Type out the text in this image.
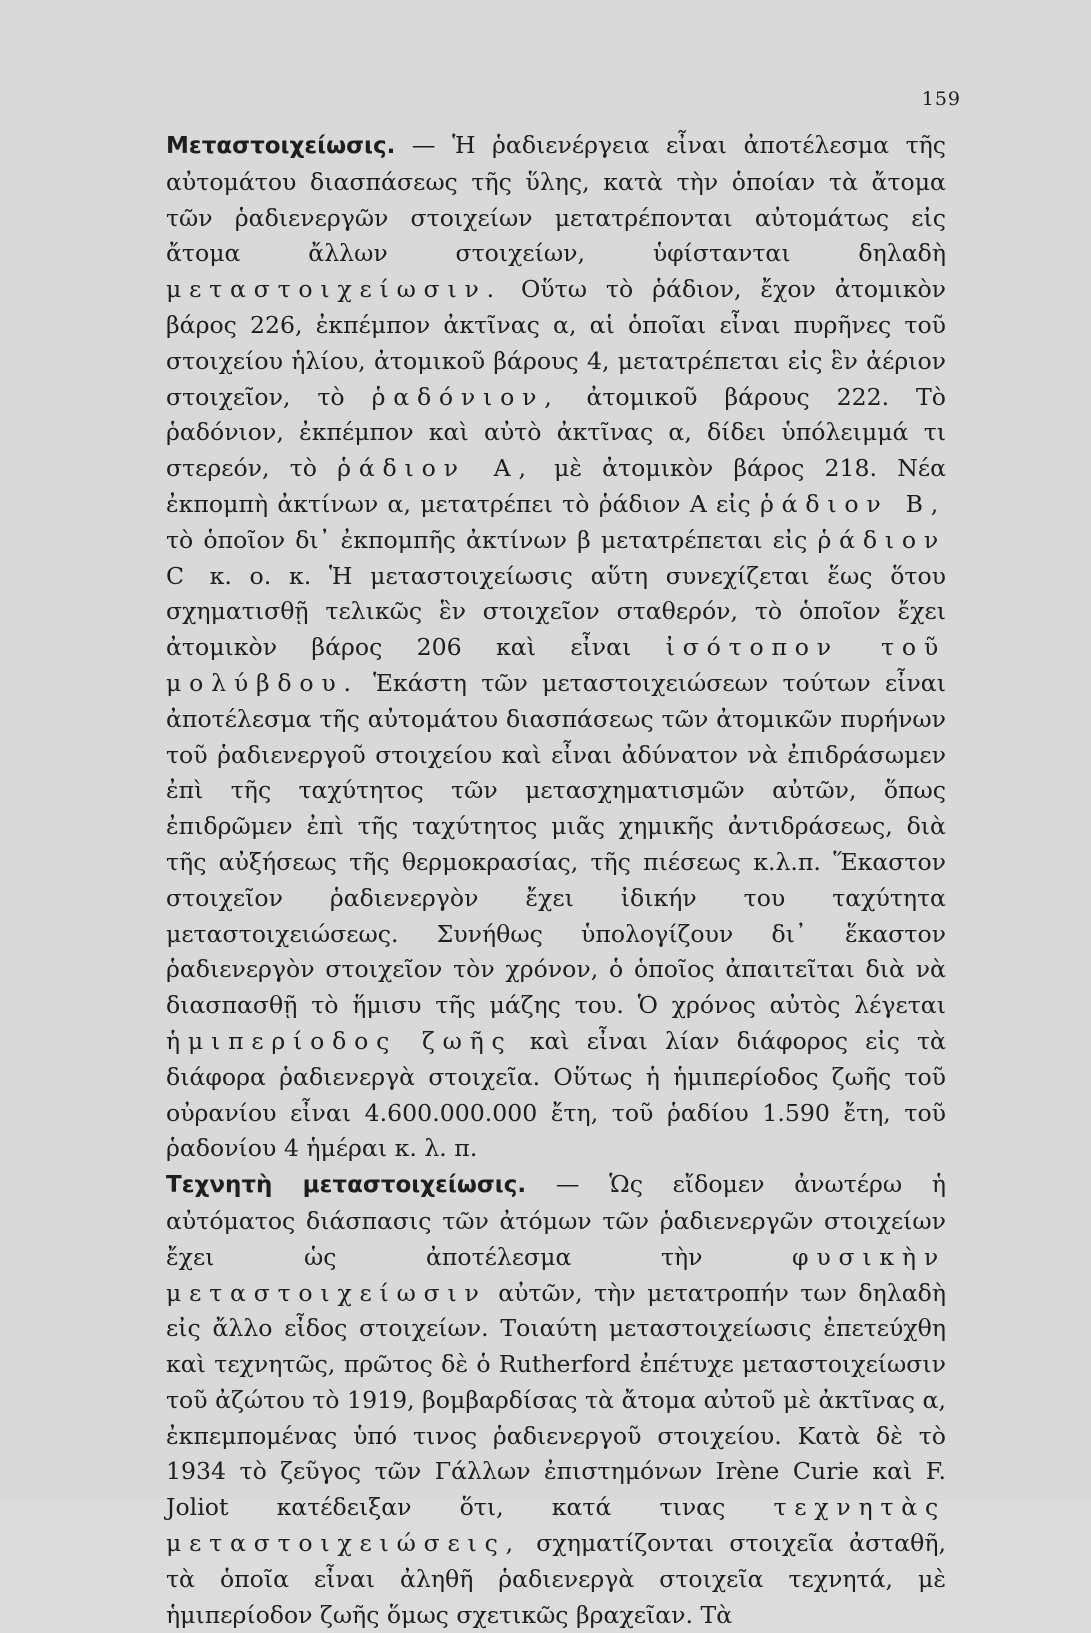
159

Μεταστοιχείωσις. — Ἡ ῥαδιενέργεια εἶναι ἀποτέλεσμα τῆς αὐτομάτου διασπάσεως τῆς ὕλης, κατὰ τὴν ὁποίαν τὰ ἄτομα τῶν ῥαδιενεργῶν στοιχείων μετατρέπονται αὐτομάτως εἰς ἄτομα ἄλλων στοιχείων, ὑφίστανται δηλαδὴ μεταστοιχείωσιν. Οὕτω τὸ ῥάδιον, ἔχον ἀτομικὸν βάρος 226, ἐκπέμπον ἀκτῖνας α, αἱ ὁποῖαι εἶναι πυρῆνες τοῦ στοιχείου ἡλίου, ἀτομικοῦ βάρους 4, μετατρέπεται εἰς ἓν ἀέριον στοιχεῖον, τὸ ῥαδόνιον, ἀτομικοῦ βάρους 222. Τὸ ῥαδόνιον, ἐκπέμπον καὶ αὐτὸ ἀκτῖνας α, δίδει ὑπόλειμμά τι στερεόν, τὸ ῥάδιον Α, μὲ ἀτομικὸν βάρος 218. Νέα ἐκπομπὴ ἀκτίνων α, μετατρέπει τὸ ῥάδιον Α εἰς ῥάδιον Β, τὸ ὁποῖον δι᾽ ἐκπομπῆς ἀκτίνων β μετατρέπεται εἰς ῥάδιον C κ. ο. κ. Ἡ μεταστοιχείωσις αὕτη συνεχίζεται ἕως ὅτου σχηματισθῇ τελικῶς ἓν στοιχεῖον σταθερόν, τὸ ὁποῖον ἔχει ἀτομικὸν βάρος 206 καὶ εἶναι ἰσότοπον τοῦ μολύβδου. Ἑκάστη τῶν μεταστοιχειώσεων τούτων εἶναι ἀποτέλεσμα τῆς αὐτομάτου διασπάσεως τῶν ἀτομικῶν πυρήνων τοῦ ῥαδιενεργοῦ στοιχείου καὶ εἶναι ἀδύνατον νὰ ἐπιδράσωμεν ἐπὶ τῆς ταχύτητος τῶν μετασχηματισμῶν αὐτῶν, ὅπως ἐπιδρῶμεν ἐπὶ τῆς ταχύτητος μιᾶς χημικῆς ἀντιδράσεως, διὰ τῆς αὐξήσεως τῆς θερμοκρασίας, τῆς πιέσεως κ.λ.π. Ἕκαστον στοιχεῖον ῥαδιενεργὸν ἔχει ἰδικήν του ταχύτητα μεταστοιχειώσεως. Συνήθως ὑπολογίζουν δι᾽ ἕκαστον ῥαδιενεργὸν στοιχεῖον τὸν χρόνον, ὁ ὁποῖος ἀπαιτεῖται διὰ νὰ διασπασθῇ τὸ ἥμισυ τῆς μάζης του. Ὁ χρόνος αὐτὸς λέγεται ἡμιπερίοδος ζωῆς καὶ εἶναι λίαν διάφορος εἰς τὰ διάφορα ῥαδιενεργὰ στοιχεῖα. Οὕτως ἡ ἡμιπερίοδος ζωῆς τοῦ οὐρανίου εἶναι 4.600.000.000 ἔτη, τοῦ ῥαδίου 1.590 ἔτη, τοῦ ῥαδονίου 4 ἡμέραι κ. λ. π.

Τεχνητὴ μεταστοιχείωσις. — Ὡς εἴδομεν ἀνωτέρω ἡ αὐτόματος διάσπασις τῶν ἀτόμων τῶν ῥαδιενεργῶν στοιχείων ἔχει ὡς ἀποτέλεσμα τὴν φυσικὴν μεταστοιχείωσιν αὐτῶν, τὴν μετατροπήν των δηλαδὴ εἰς ἄλλο εἶδος στοιχείων. Τοιαύτη μεταστοιχείωσις ἐπετεύχθη καὶ τεχνητῶς, πρῶτος δὲ ὁ Rutherford ἐπέτυχε μεταστοιχείωσιν τοῦ ἀζώτου τὸ 1919, βομβαρδίσας τὰ ἄτομα αὐτοῦ μὲ ἀκτῖνας α, ἐκπεμπομένας ὑπό τινος ῥαδιενεργοῦ στοιχείου. Κατὰ δὲ τὸ 1934 τὸ ζεῦγος τῶν Γάλλων ἐπιστημόνων Irène Curie καὶ F. Joliot κατέδειξαν ὅτι, κατά τινας τεχνητὰς μεταστοιχειώσεις, σχηματίζονται στοιχεῖα ἀσταθῆ, τὰ ὁποῖα εἶναι ἀληθῆ ῥαδιενεργὰ στοιχεῖα τεχνητά, μὲ ἡμιπερίοδον ζωῆς ὅμως σχετικῶς βραχεῖαν. Τὰ
